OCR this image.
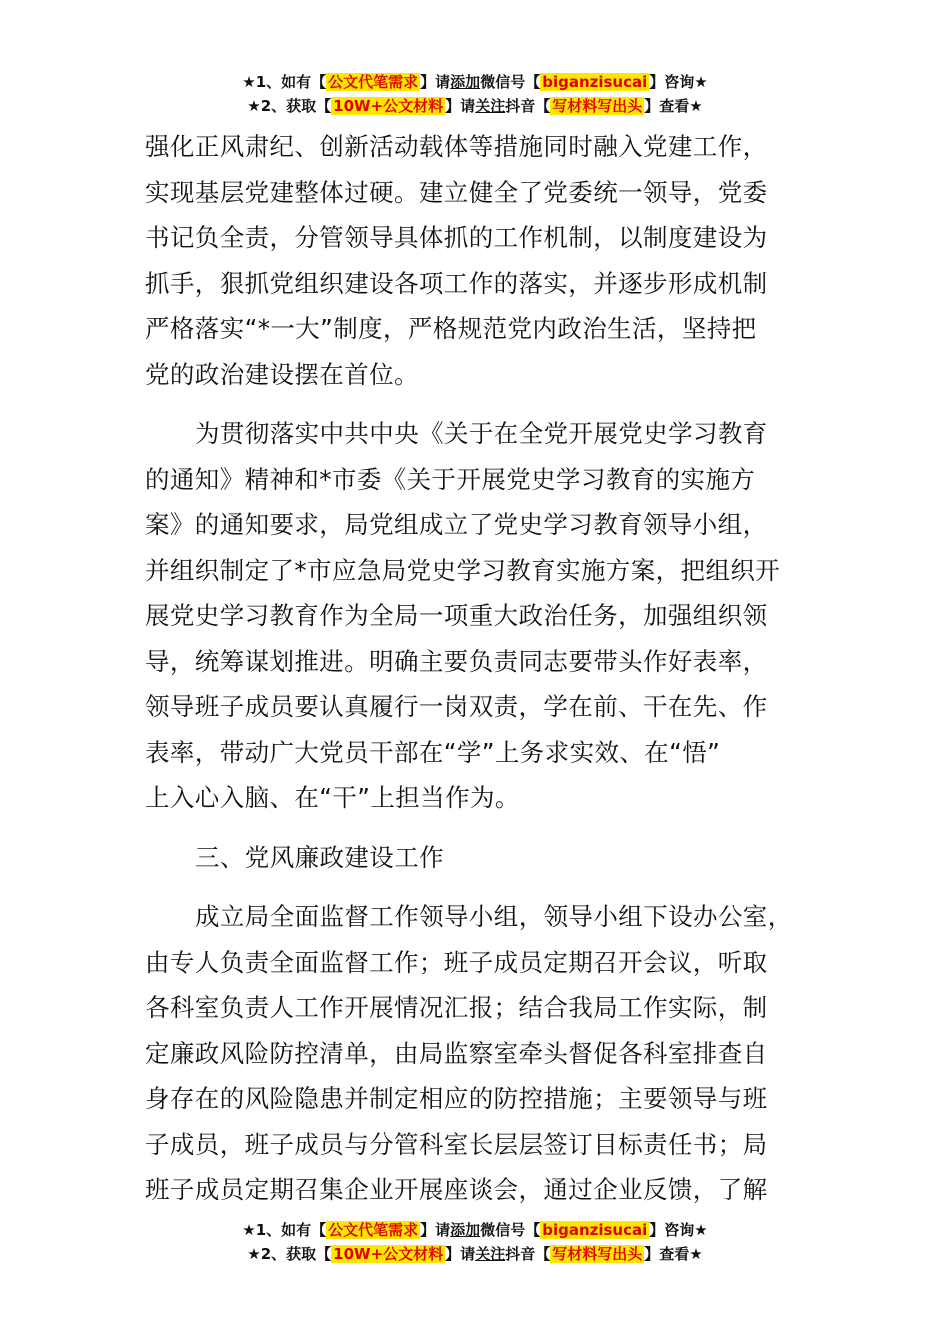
★1、如有【 公文代笔需求 】请添加微信号【 biganzisucai 】咨询★
★2、获取【 10W+公文材料 】请关注抖音【 写材料写出头 】查看★

强化正风肃纪、创新活动载体等措施同时融入党建工作，

实现基层党建整体过硬。建立健全了党委统一领导，党委

书记负全责，分管领导具体抓的工作机制，以制度建设为

抓手，狠抓党组织建设各项工作的落实，并逐步形成机制

严格落实“*一大”制度，严格规范党内政治生活，坚持把

党的政治建设摆在首位。

为贯彻落实中共中央《关于在全党开展党史学习教育

的通知》精神和*市委《关于开展党史学习教育的实施方

案》的通知要求，局党组成立了党史学习教育领导小组，

并组织制定了*市应急局党史学习教育实施方案，把组织开

展党史学习教育作为全局一项重大政治任务，加强组织领

导，统筹谋划推进。明确主要负责同志要带头作好表率，

领导班子成员要认真履行一岗双责，学在前、干在先、作

表率，带动广大党员干部在“学”上务求实效、在“悟”

上入心入脑、在“干”上担当作为。

三、党风廉政建设工作

成立局全面监督工作领导小组，领导小组下设办公室，

由专人负责全面监督工作；班子成员定期召开会议，听取

各科室负责人工作开展情况汇报；结合我局工作实际，制

定廉政风险防控清单，由局监察室牵头督促各科室排查自

身存在的风险隐患并制定相应的防控措施；主要领导与班

子成员，班子成员与分管科室长层层签订目标责任书；局

班子成员定期召集企业开展座谈会，通过企业反馈，了解

★1、如有【 公文代笔需求 】请添加微信号【 biganzisucai 】咨询★
★2、获取【 10W+公文材料 】请关注抖音【 写材料写出头 】查看★
